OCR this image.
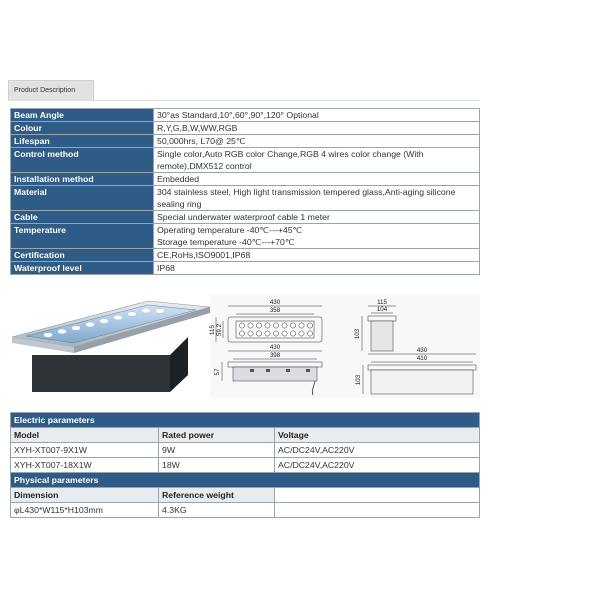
Product Description
Beam Angle	30°as Standard,10°,60°,90°,120° Optional
Colour	R,Y,G,B,W,WW,RGB
Lifespan	50,000hrs, L70@ 25℃
Control method	Single color,Auto RGB color Change,RGB 4 wires color change (With remote),DMX512 control
Installation method	Embedded
Material	304 stainless steel, High light transmission tempered glass,Anti-aging silicone sealing ring
Cable	Special underwater waterproof cable 1 meter
Temperature	Operating temperature -40℃---+45℃
Storage temperature -40℃---+70℃
Certification	CE,RoHs,ISO9001,IP68
Waterproof level	IP68
430
358
115 59.2
430
398
57
115
104
103
430
410
103
Electric parameters		
Model	Rated power	Voltage
XYH-XT007-9X1W	9W	AC/DC24V,AC220V
XYH-XT007-18X1W	18W	AC/DC24V,AC220V
Physical parameters		
Dimension	Reference weight	
φL430*W115*H103mm	4.3KG	
